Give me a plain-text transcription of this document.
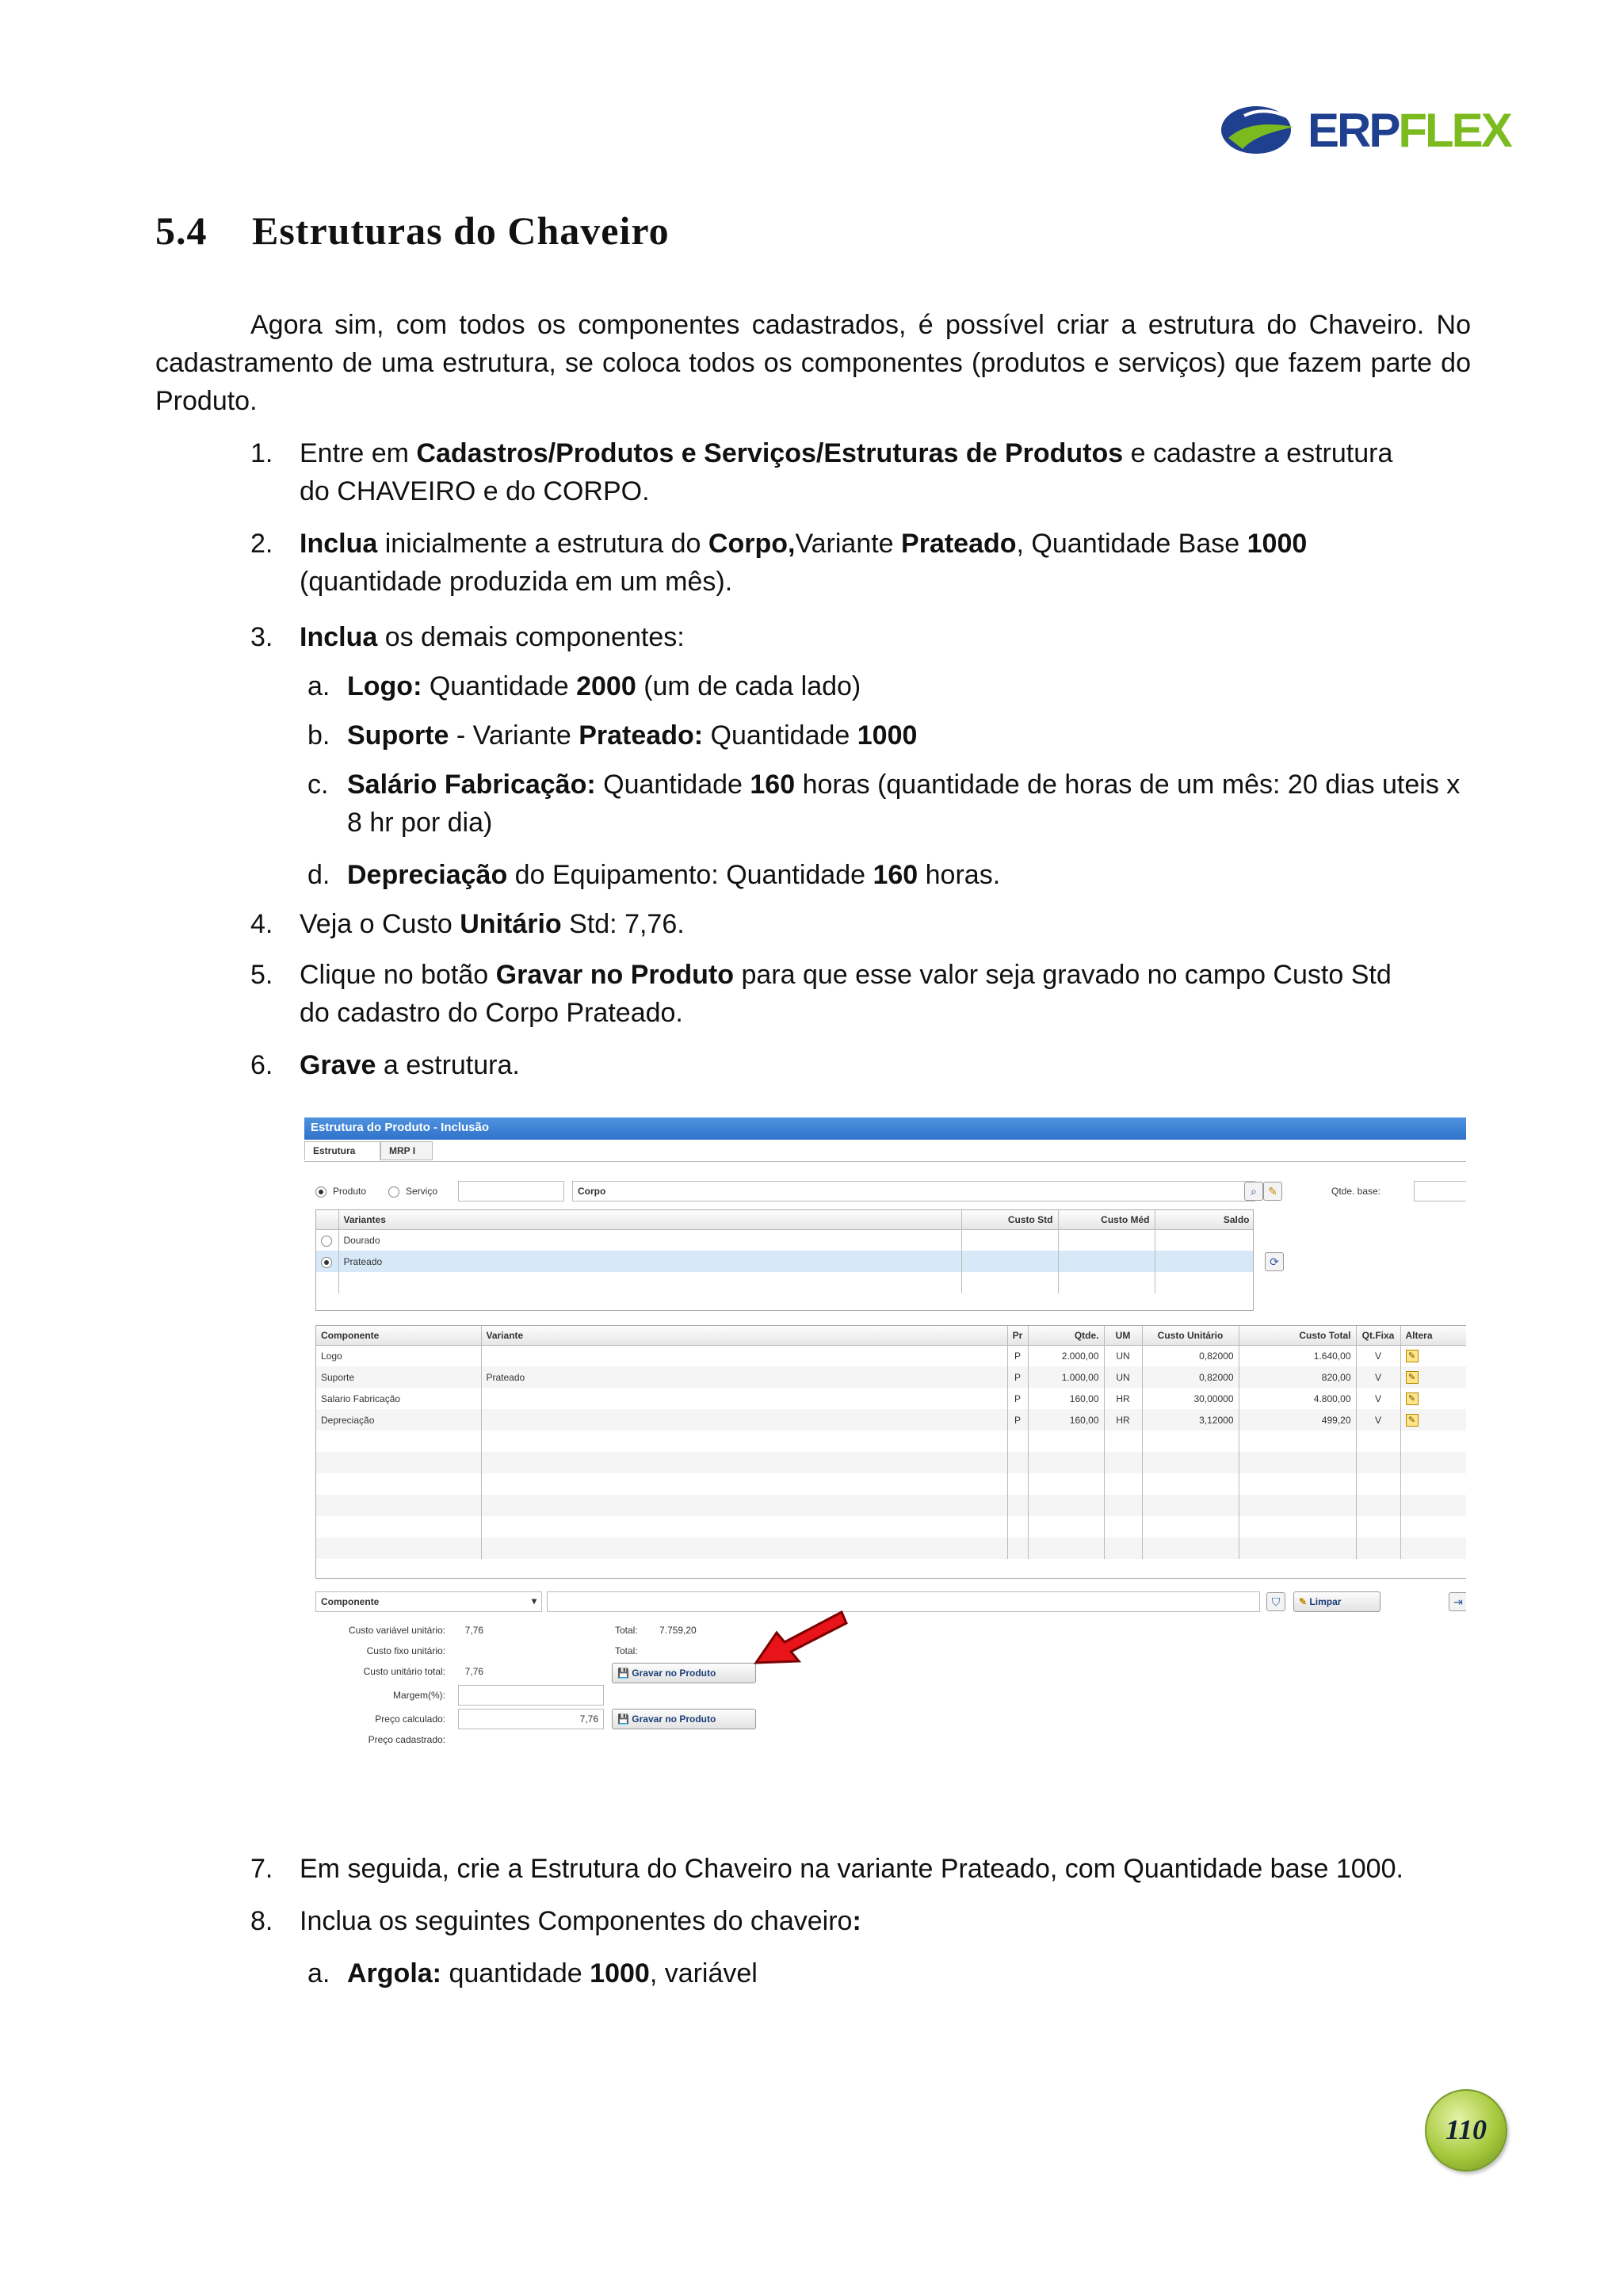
ERPFLEX
5.4 Estruturas do Chaveiro
Agora sim, com todos os componentes cadastrados, é possível criar a estrutura do Chaveiro. No cadastramento de uma estrutura, se coloca todos os componentes (produtos e serviços) que fazem parte do Produto.
1. Entre em Cadastros/Produtos e Serviços/Estruturas de Produtos e cadastre a estrutura do CHAVEIRO e do CORPO.
2. Inclua inicialmente a estrutura do Corpo,Variante Prateado, Quantidade Base 1000 (quantidade produzida em um mês).
3. Inclua os demais componentes:
a. Logo: Quantidade 2000 (um de cada lado)
b. Suporte - Variante Prateado: Quantidade 1000
c. Salário Fabricação: Quantidade 160 horas (quantidade de horas de um mês: 20 dias uteis x 8 hr por dia)
d. Depreciação do Equipamento: Quantidade 160 horas.
4. Veja o Custo Unitário Std: 7,76.
5. Clique no botão Gravar no Produto para que esse valor seja gravado no campo Custo Std do cadastro do Corpo Prateado.
6. Grave a estrutura.
7. Em seguida, crie a Estrutura do Chaveiro na variante Prateado, com Quantidade base 1000.
8. Inclua os seguintes Componentes do chaveiro:
a. Argola: quantidade 1000, variável
Estrutura do Produto - Inclusão
Estrutura	MRP I
Produto	Serviço	Corpo	⌕	✎	Qtde. base:
	Variantes	Custo Std	Custo Méd	Saldo
	Dourado			
	Prateado			
					⟳
Componente	Variante	Pr	Qtde.	UM	Custo Unitário	Custo Total	Qt.Fixa	Altera
Logo		P	2.000,00	UN	0,82000	1.640,00	V	✎
Suporte	Prateado	P	1.000,00	UN	0,82000	820,00	V	✎
Salario Fabricação		P	160,00	HR	30,00000	4.800,00	V	✎
Depreciação		P	160,00	HR	3,12000	499,20	V	✎

Componente	▾	⛉	✎ Limpar	⇥
Custo variável unitário:	7,76	Total: 7.759,20
Custo fixo unitário:	Total:
Custo unitário total:	7,76	💾 Gravar no Produto
Margem(%):
Preço calculado:	7,76	💾 Gravar no Produto
Preço cadastrado:
110
